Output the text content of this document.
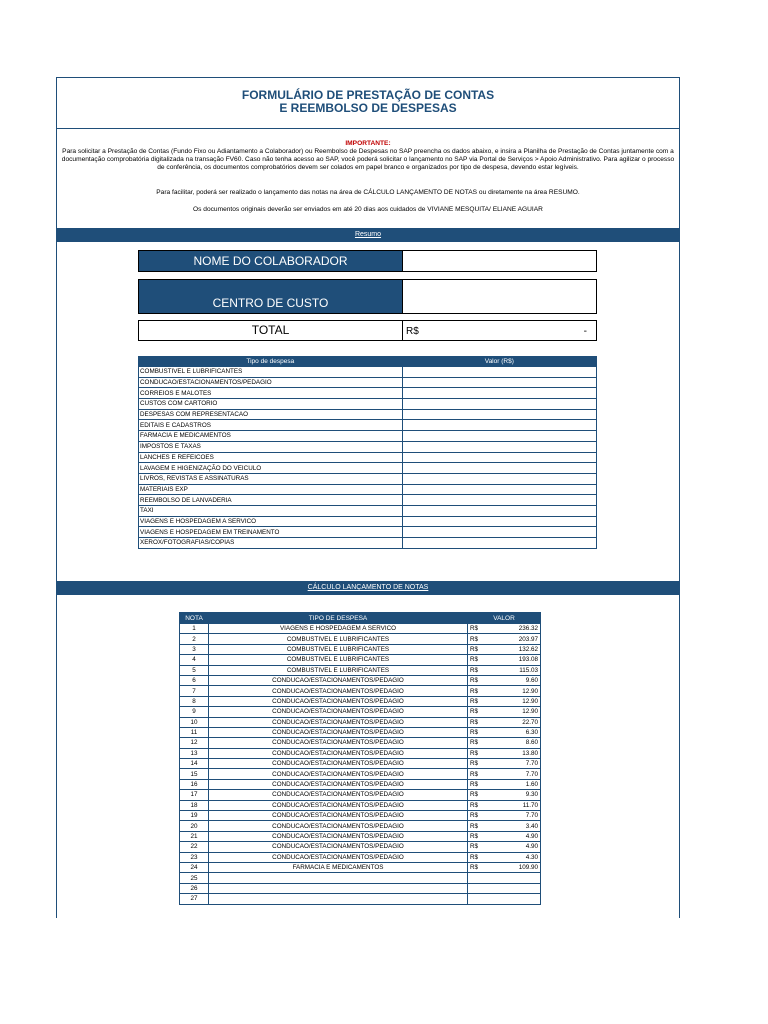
FORMULÁRIO DE PRESTAÇÃO DE CONTAS
E REEMBOLSO DE DESPESAS
IMPORTANTE:
Para solicitar a Prestação de Contas (Fundo Fixo ou Adiantamento a Colaborador) ou Reembolso de Despesas no SAP preencha os dados abaixo, e insira a Planilha de Prestação de Contas juntamente com a documentação comprobatória digitalizada na transação FV60. Caso não tenha acesso ao SAP, você poderá solicitar o lançamento no SAP via Portal de Serviços > Apoio Administrativo. Para agilizar o processo de conferência, os documentos comprobatórios devem ser colados em papel branco e organizados por tipo de despesa, devendo estar legíveis.
Para facilitar, poderá ser realizado o lançamento das notas na área de CÁLCULO LANÇAMENTO DE NOTAS ou diretamente na área RESUMO.
Os documentos originais deverão ser enviados em até 20 dias aos cuidados de VIVIANE MESQUITA/ ELIANE AGUIAR
Resumo
NOME DO COLABORADOR
CENTRO DE CUSTO
TOTAL	R$	-
Tipo de despesa	Valor (R$)
COMBUSTIVEL E LUBRIFICANTES	
CONDUCAO/ESTACIONAMENTOS/PEDAGIO	
CORREIOS E MALOTES	
CUSTOS COM CARTORIO	
DESPESAS COM REPRESENTACAO	
EDITAIS E CADASTROS	
FARMACIA E MEDICAMENTOS	
IMPOSTOS E TAXAS	
LANCHES E REFEICOES	
LAVAGEM E HIGENIZAÇÃO DO VEICULO	
LIVROS, REVISTAS E ASSINATURAS	
MATERIAIS EXP	
REEMBOLSO DE LANVADERIA	
TAXI	
VIAGENS E HOSPEDAGEM A SERVICO	
VIAGENS E HOSPEDAGEM EM TREINAMENTO	
XEROX/FOTOGRAFIAS/COPIAS	
CÁLCULO LANÇAMENTO DE NOTAS
NOTA	TIPO DE DESPESA	VALOR	
1	VIAGENS E HOSPEDAGEM A SERVICO	R$	236.32
2	COMBUSTIVEL E LUBRIFICANTES	R$	203.97
3	COMBUSTIVEL E LUBRIFICANTES	R$	132.62
4	COMBUSTIVEL E LUBRIFICANTES	R$	193.08
5	COMBUSTIVEL E LUBRIFICANTES	R$	115.03
6	CONDUCAO/ESTACIONAMENTOS/PEDAGIO	R$	9.60
7	CONDUCAO/ESTACIONAMENTOS/PEDAGIO	R$	12.90
8	CONDUCAO/ESTACIONAMENTOS/PEDAGIO	R$	12.90
9	CONDUCAO/ESTACIONAMENTOS/PEDAGIO	R$	12.90
10	CONDUCAO/ESTACIONAMENTOS/PEDAGIO	R$	22.70
11	CONDUCAO/ESTACIONAMENTOS/PEDAGIO	R$	6.30
12	CONDUCAO/ESTACIONAMENTOS/PEDAGIO	R$	8.60
13	CONDUCAO/ESTACIONAMENTOS/PEDAGIO	R$	13.80
14	CONDUCAO/ESTACIONAMENTOS/PEDAGIO	R$	7.70
15	CONDUCAO/ESTACIONAMENTOS/PEDAGIO	R$	7.70
16	CONDUCAO/ESTACIONAMENTOS/PEDAGIO	R$	1.60
17	CONDUCAO/ESTACIONAMENTOS/PEDAGIO	R$	9.30
18	CONDUCAO/ESTACIONAMENTOS/PEDAGIO	R$	11.70
19	CONDUCAO/ESTACIONAMENTOS/PEDAGIO	R$	7.70
20	CONDUCAO/ESTACIONAMENTOS/PEDAGIO	R$	3.40
21	CONDUCAO/ESTACIONAMENTOS/PEDAGIO	R$	4.90
22	CONDUCAO/ESTACIONAMENTOS/PEDAGIO	R$	4.90
23	CONDUCAO/ESTACIONAMENTOS/PEDAGIO	R$	4.30
24	FARMACIA E MEDICAMENTOS	R$	109.90
25			
26			
27			
